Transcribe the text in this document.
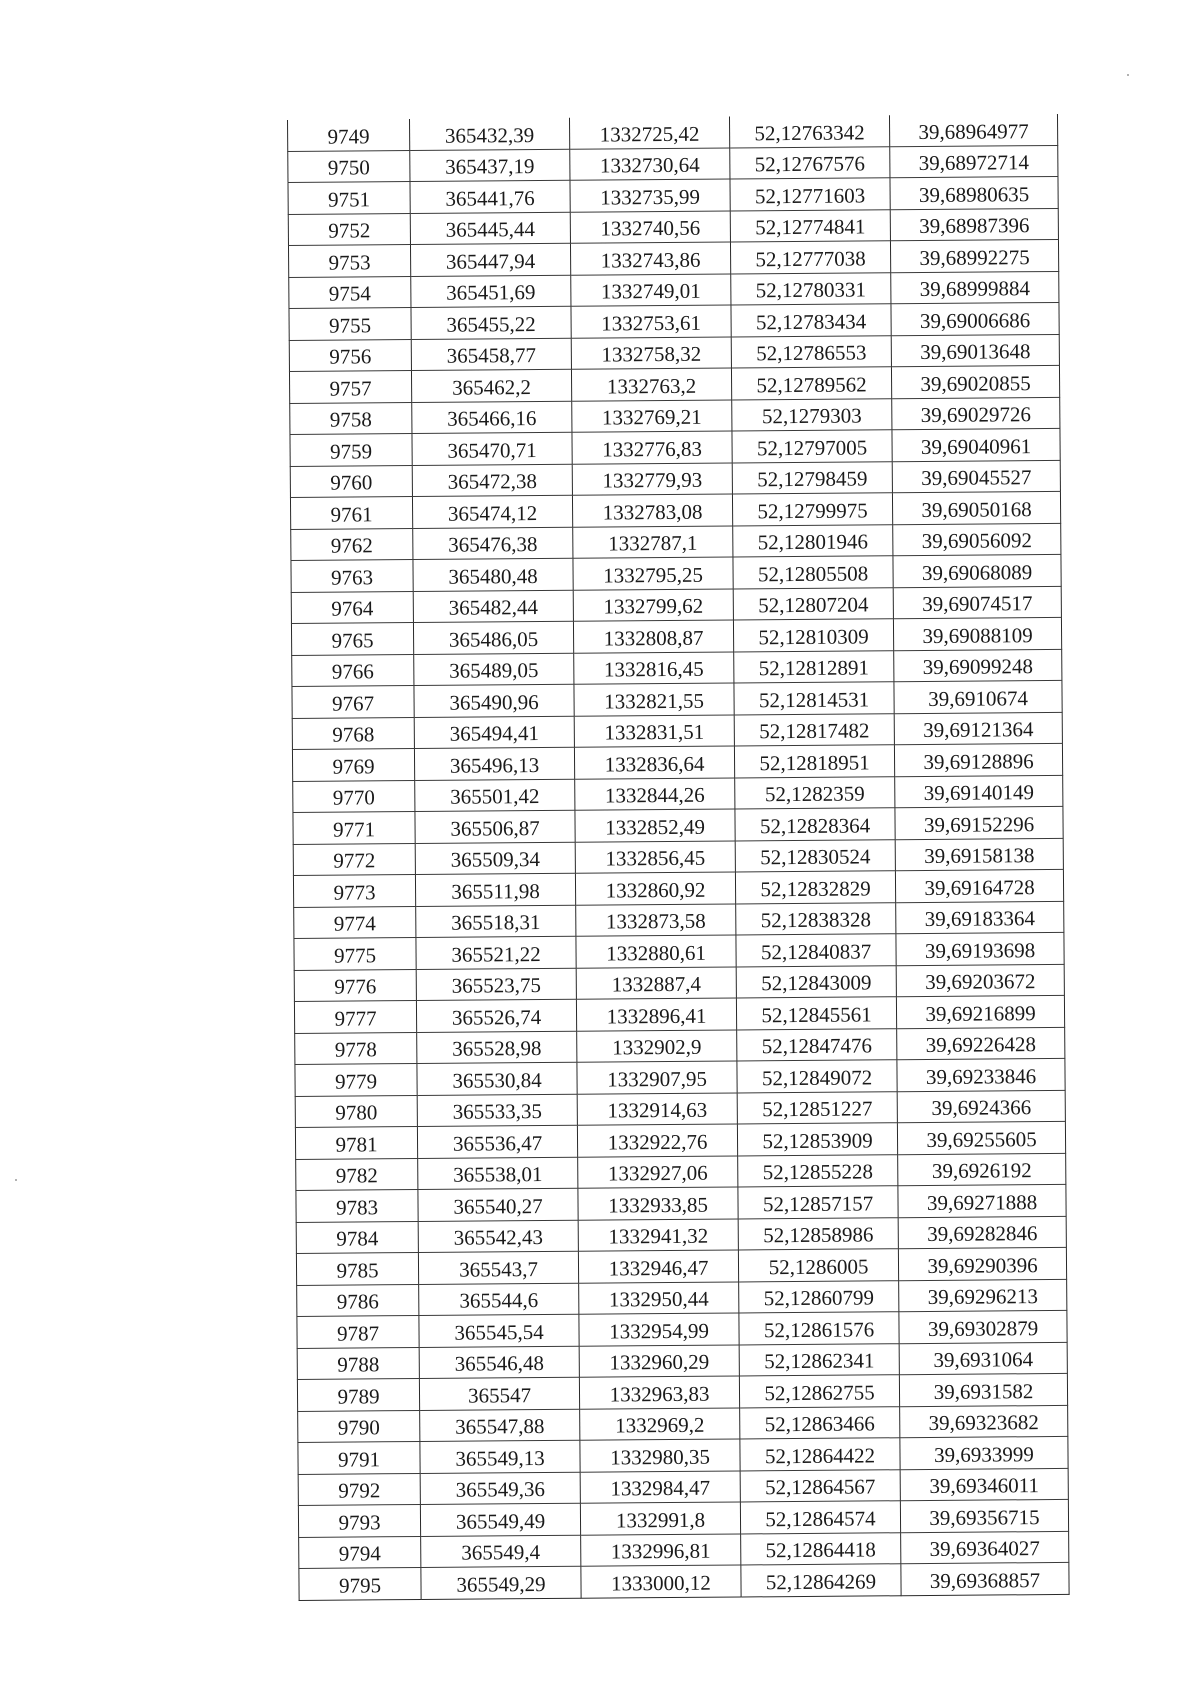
9749	365432,39	1332725,42	52,12763342	39,68964977
9750	365437,19	1332730,64	52,12767576	39,68972714
9751	365441,76	1332735,99	52,12771603	39,68980635
9752	365445,44	1332740,56	52,12774841	39,68987396
9753	365447,94	1332743,86	52,12777038	39,68992275
9754	365451,69	1332749,01	52,12780331	39,68999884
9755	365455,22	1332753,61	52,12783434	39,69006686
9756	365458,77	1332758,32	52,12786553	39,69013648
9757	365462,2	1332763,2	52,12789562	39,69020855
9758	365466,16	1332769,21	52,1279303	39,69029726
9759	365470,71	1332776,83	52,12797005	39,69040961
9760	365472,38	1332779,93	52,12798459	39,69045527
9761	365474,12	1332783,08	52,12799975	39,69050168
9762	365476,38	1332787,1	52,12801946	39,69056092
9763	365480,48	1332795,25	52,12805508	39,69068089
9764	365482,44	1332799,62	52,12807204	39,69074517
9765	365486,05	1332808,87	52,12810309	39,69088109
9766	365489,05	1332816,45	52,12812891	39,69099248
9767	365490,96	1332821,55	52,12814531	39,6910674
9768	365494,41	1332831,51	52,12817482	39,69121364
9769	365496,13	1332836,64	52,12818951	39,69128896
9770	365501,42	1332844,26	52,1282359	39,69140149
9771	365506,87	1332852,49	52,12828364	39,69152296
9772	365509,34	1332856,45	52,12830524	39,69158138
9773	365511,98	1332860,92	52,12832829	39,69164728
9774	365518,31	1332873,58	52,12838328	39,69183364
9775	365521,22	1332880,61	52,12840837	39,69193698
9776	365523,75	1332887,4	52,12843009	39,69203672
9777	365526,74	1332896,41	52,12845561	39,69216899
9778	365528,98	1332902,9	52,12847476	39,69226428
9779	365530,84	1332907,95	52,12849072	39,69233846
9780	365533,35	1332914,63	52,12851227	39,6924366
9781	365536,47	1332922,76	52,12853909	39,69255605
9782	365538,01	1332927,06	52,12855228	39,6926192
9783	365540,27	1332933,85	52,12857157	39,69271888
9784	365542,43	1332941,32	52,12858986	39,69282846
9785	365543,7	1332946,47	52,1286005	39,69290396
9786	365544,6	1332950,44	52,12860799	39,69296213
9787	365545,54	1332954,99	52,12861576	39,69302879
9788	365546,48	1332960,29	52,12862341	39,6931064
9789	365547	1332963,83	52,12862755	39,6931582
9790	365547,88	1332969,2	52,12863466	39,69323682
9791	365549,13	1332980,35	52,12864422	39,6933999
9792	365549,36	1332984,47	52,12864567	39,69346011
9793	365549,49	1332991,8	52,12864574	39,69356715
9794	365549,4	1332996,81	52,12864418	39,69364027
9795	365549,29	1333000,12	52,12864269	39,69368857
